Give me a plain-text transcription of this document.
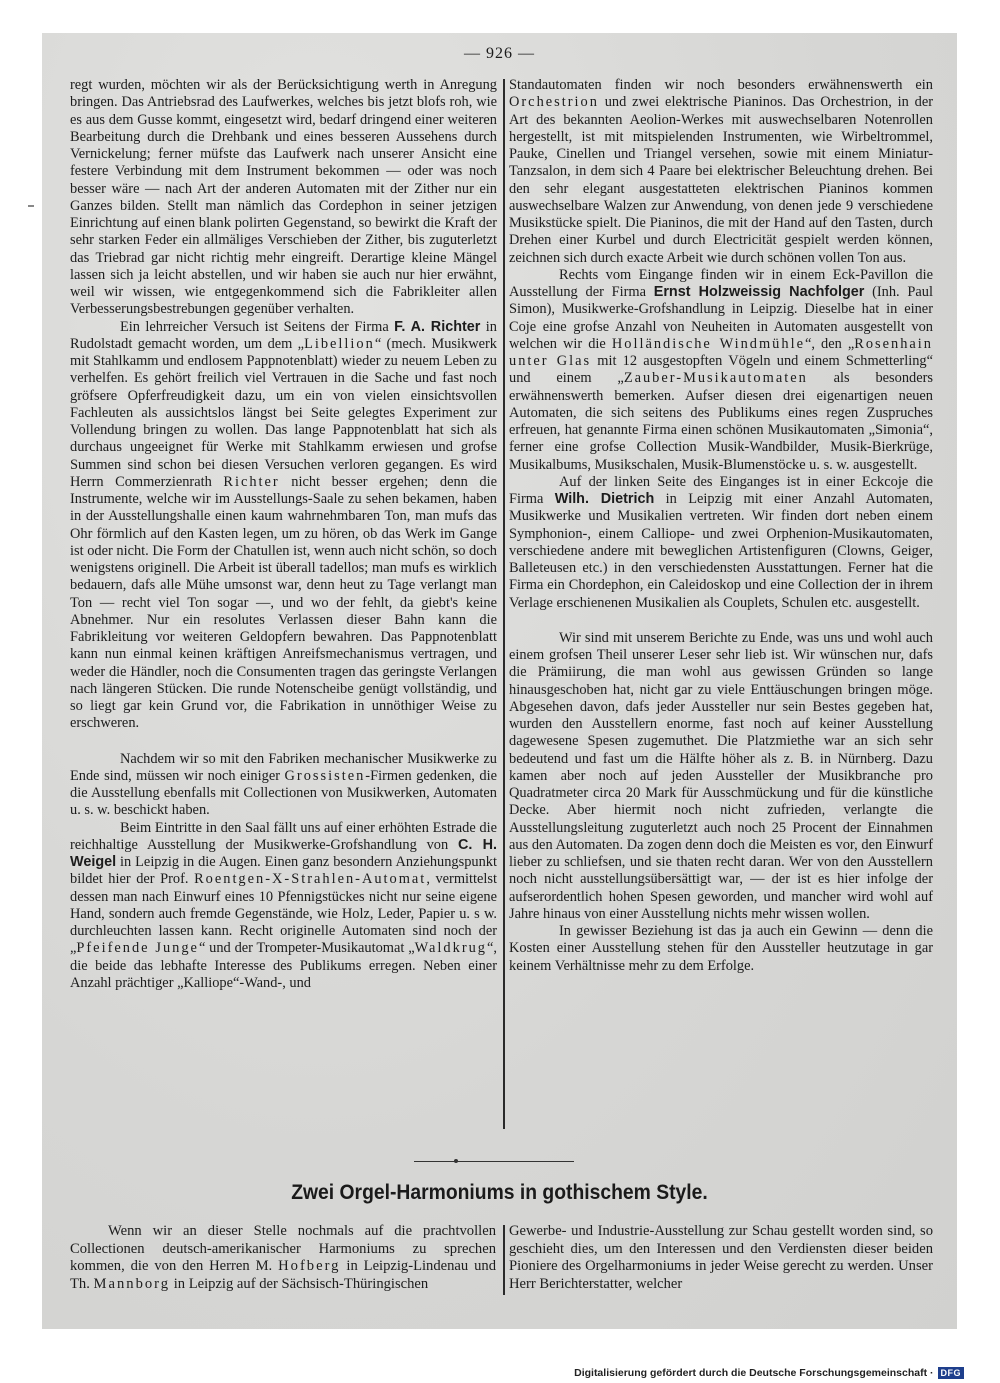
— 926 —

regt wurden, möchten wir als der Berücksichtigung werth in Anregung bringen. Das Antriebsrad des Laufwerkes, welches bis jetzt blofs roh, wie es aus dem Gusse kommt, eingesetzt wird, bedarf dringend einer weiteren Bearbeitung durch die Drehbank und eines besseren Aussehens durch Vernickelung; ferner müfste das Laufwerk nach unserer Ansicht eine festere Verbindung mit dem Instrument bekommen — oder was noch besser wäre — nach Art der anderen Automaten mit der Zither nur ein Ganzes bilden. Stellt man nämlich das Cordephon in seiner jetzigen Einrichtung auf einen blank polirten Gegenstand, so bewirkt die Kraft der sehr starken Feder ein allmäliges Verschieben der Zither, bis zuguterletzt das Triebrad gar nicht richtig mehr eingreift. Derartige kleine Mängel lassen sich ja leicht abstellen, und wir haben sie auch nur hier erwähnt, weil wir wissen, wie entgegenkommend sich die Fabrikleiter allen Verbesserungsbestrebungen gegenüber verhalten.

Ein lehrreicher Versuch ist Seitens der Firma F. A. Richter in Rudolstadt gemacht worden, um dem „Libellion“ (mech. Musikwerk mit Stahlkamm und endlosem Pappnotenblatt) wieder zu neuem Leben zu verhelfen. Es gehört freilich viel Vertrauen in die Sache und fast noch gröfsere Opferfreudigkeit dazu, um ein von vielen einsichtsvollen Fachleuten als aussichtslos längst bei Seite gelegtes Experiment zur Vollendung bringen zu wollen. Das lange Pappnotenblatt hat sich als durchaus ungeeignet für Werke mit Stahlkamm erwiesen und grofse Summen sind schon bei diesen Versuchen verloren gegangen. Es wird Herrn Commerzienrath Richter nicht besser ergehen; denn die Instrumente, welche wir im Ausstellungs-Saale zu sehen bekamen, haben in der Ausstellungshalle einen kaum wahrnehmbaren Ton, man mufs das Ohr förmlich auf den Kasten legen, um zu hören, ob das Werk im Gange ist oder nicht. Die Form der Chatullen ist, wenn auch nicht schön, so doch wenigstens originell. Die Arbeit ist überall tadellos; man mufs es wirklich bedauern, dafs alle Mühe umsonst war, denn heut zu Tage verlangt man Ton — recht viel Ton sogar —, und wo der fehlt, da giebt's keine Abnehmer. Nur ein resolutes Verlassen dieser Bahn kann die Fabrikleitung vor weiteren Geldopfern bewahren. Das Pappnotenblatt kann nun einmal keinen kräftigen Anreifsmechanismus vertragen, und weder die Händler, noch die Consumenten tragen das geringste Verlangen nach längeren Stücken. Die runde Notenscheibe genügt vollständig, und so liegt gar kein Grund vor, die Fabrikation in unnöthiger Weise zu erschweren.

Nachdem wir so mit den Fabriken mechanischer Musikwerke zu Ende sind, müssen wir noch einiger Grossisten-Firmen gedenken, die die Ausstellung ebenfalls mit Collectionen von Musikwerken, Automaten u. s. w. beschickt haben.

Beim Eintritte in den Saal fällt uns auf einer erhöhten Estrade die reichhaltige Ausstellung der Musikwerke-Grofshandlung von C. H. Weigel in Leipzig in die Augen. Einen ganz besondern Anziehungspunkt bildet hier der Prof. Roentgen-X-Strahlen-Automat, vermittelst dessen man nach Einwurf eines 10 Pfennigstückes nicht nur seine eigene Hand, sondern auch fremde Gegenstände, wie Holz, Leder, Papier u. s w. durchleuchten lassen kann. Recht originelle Automaten sind noch der „Pfeifende Junge“ und der Trompeter-Musikautomat „Waldkrug“, die beide das lebhafte Interesse des Publikums erregen. Neben einer Anzahl prächtiger „Kalliope“-Wand-, und

Standautomaten finden wir noch besonders erwähnenswerth ein Orchestrion und zwei elektrische Pianinos. Das Orchestrion, in der Art des bekannten Aeolion-Werkes mit auswechselbaren Notenrollen hergestellt, ist mit mitspielenden Instrumenten, wie Wirbeltrommel, Pauke, Cinellen und Triangel versehen, sowie mit einem Miniatur-Tanzsalon, in dem sich 4 Paare bei elektrischer Beleuchtung drehen. Bei den sehr elegant ausgestatteten elektrischen Pianinos kommen auswechselbare Walzen zur Anwendung, von denen jede 9 verschiedene Musikstücke spielt. Die Pianinos, die mit der Hand auf den Tasten, durch Drehen einer Kurbel und durch Electricität gespielt werden können, zeichnen sich durch exacte Arbeit wie durch schönen vollen Ton aus.

Rechts vom Eingange finden wir in einem Eck-Pavillon die Ausstellung der Firma Ernst Holzweissig Nachfolger (Inh. Paul Simon), Musikwerke-Grofshandlung in Leipzig. Dieselbe hat in einer Coje eine grofse Anzahl von Neuheiten in Automaten ausgestellt von welchen wir die Holländische Windmühle“, den „Rosenhain unter Glas mit 12 ausgestopften Vögeln und einem Schmetterling“ und einem „Zauber-Musikautomaten als besonders erwähnenswerth bemerken. Aufser diesen drei eigenartigen neuen Automaten, die sich seitens des Publikums eines regen Zuspruches erfreuen, hat genannte Firma einen schönen Musikautomaten „Simonia“, ferner eine grofse Collection Musik-Wandbilder, Musik-Bierkrüge, Musikalbums, Musikschalen, Musik-Blumenstöcke u. s. w. ausgestellt.

Auf der linken Seite des Einganges ist in einer Eckcoje die Firma Wilh. Dietrich in Leipzig mit einer Anzahl Automaten, Musikwerke und Musikalien vertreten. Wir finden dort neben einem Symphonion-, einem Calliope- und zwei Orphenion-Musikautomaten, verschiedene andere mit beweglichen Artistenfiguren (Clowns, Geiger, Balleteusen etc.) in den verschiedensten Ausstattungen. Ferner hat die Firma ein Chordephon, ein Caleidoskop und eine Collection der in ihrem Verlage erschienenen Musikalien als Couplets, Schulen etc. ausgestellt.

Wir sind mit unserem Berichte zu Ende, was uns und wohl auch einem grofsen Theil unserer Leser sehr lieb ist. Wir wünschen nur, dafs die Prämiirung, die man wohl aus gewissen Gründen so lange hinausgeschoben hat, nicht gar zu viele Enttäuschungen bringen möge. Abgesehen davon, dafs jeder Aussteller nur sein Bestes gegeben hat, wurden den Ausstellern enorme, fast noch auf keiner Ausstellung dagewesene Spesen zugemuthet. Die Platzmiethe war an sich sehr bedeutend und fast um die Hälfte höher als z. B. in Nürnberg. Dazu kamen aber noch auf jeden Aussteller der Musikbranche pro Quadratmeter circa 20 Mark für Ausschmückung und für die künstliche Decke. Aber hiermit noch nicht zufrieden, verlangte die Ausstellungsleitung zuguterletzt auch noch 25 Procent der Einnahmen aus den Automaten. Da zogen denn doch die Meisten es vor, den Einwurf lieber zu schliefsen, und sie thaten recht daran. Wer von den Ausstellern noch nicht ausstellungsübersättigt war, — der ist es hier infolge der aufserordentlich hohen Spesen geworden, und mancher wird wohl auf Jahre hinaus von einer Ausstellung nichts mehr wissen wollen.

In gewisser Beziehung ist das ja auch ein Gewinn — denn die Kosten einer Ausstellung stehen für den Aussteller heutzutage in gar keinem Verhältnisse mehr zu dem Erfolge.

Zwei Orgel-Harmoniums in gothischem Style.

Wenn wir an dieser Stelle nochmals auf die prachtvollen Collectionen deutsch-amerikanischer Harmoniums zu sprechen kommen, die von den Herren M. Hofberg in Leipzig-Lindenau und Th. Mannborg in Leipzig auf der Sächsisch-Thüringischen

Gewerbe- und Industrie-Ausstellung zur Schau gestellt worden sind, so geschieht dies, um den Interessen und den Verdiensten dieser beiden Pioniere des Orgelharmoniums in jeder Weise gerecht zu werden. Unser Herr Berichterstatter, welcher

Digitalisierung gefördert durch die Deutsche Forschungsgemeinschaft · DFG
